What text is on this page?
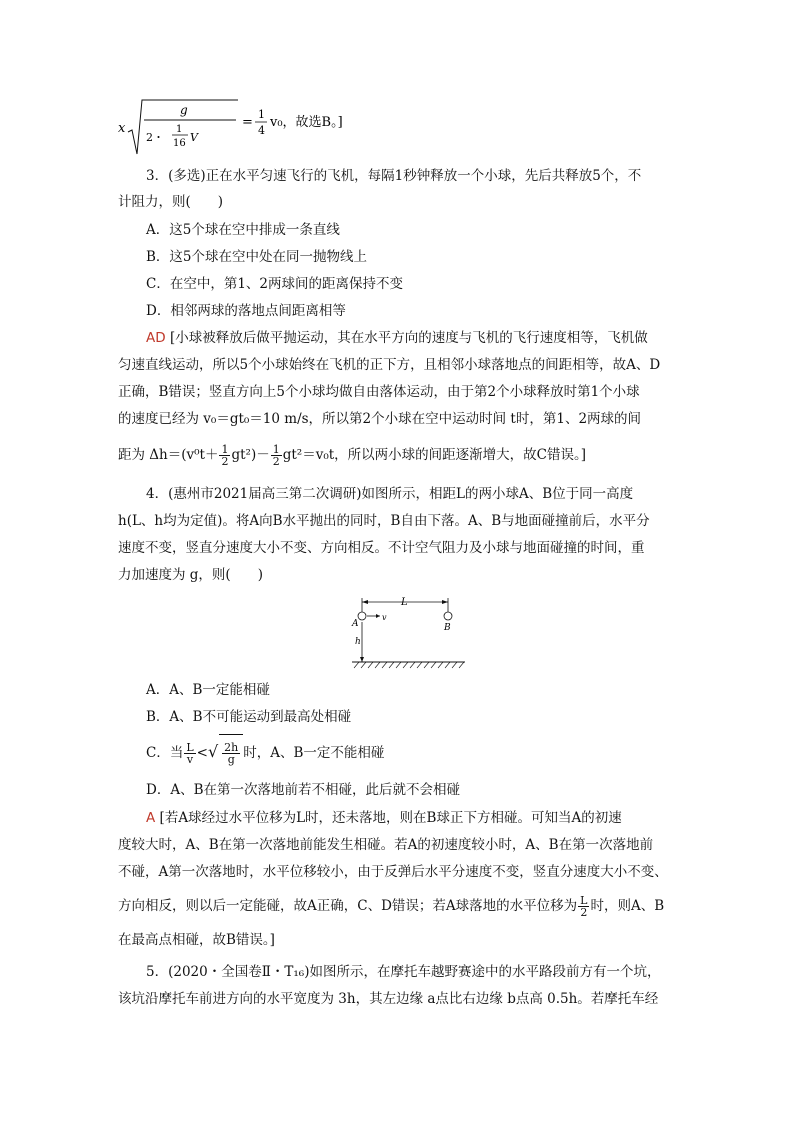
x
g
2・
1
16 V
=
1
4
v₀，故选B。]
3．(多选)正在水平匀速飞行的飞机，每隔1秒钟释放一个小球，先后共释放5个，不
计阻力，则(　　)
A．这5个球在空中排成一条直线
B．这5个球在空中处在同一抛物线上
C．在空中，第1、2两球间的距离保持不变
D．相邻两球的落地点间距离相等
AD [小球被释放后做平抛运动，其在水平方向的速度与飞机的飞行速度相等，飞机做
匀速直线运动，所以5个小球始终在飞机的正下方，且相邻小球落地点的间距相等，故A、D
正确，B错误；竖直方向上5个小球均做自由落体运动，由于第2个小球释放时第1个小球
的速度已经为 v₀＝gt₀＝10 m/s，所以第2个小球在空中运动时间 t时，第1、2两球的间
距为 $\Delta h=(v^0t+ \frac{1}{2} gt^2)- \frac{1}{2} gt^2=v_0t$，所以两小球的间距逐渐增大，故C错误。]
4．(惠州市2021届高三第二次调研)如图所示，相距L的两小球A、B位于同一高度
h(L、h均为定值)。将A向B水平抛出的同时，B自由下落。A、B与地面碰撞前后，水平分
速度不变，竖直分速度大小不变、方向相反。不计空气阻力及小球与地面碰撞的时间，重
力加速度为 g，则(　　)
L
v
A	B
h
A．A、B一定能相碰
B．A、B不可能运动到最高处相碰
C．当 $\frac{L}{v}$ <√ $\frac{2h}{g}$ 时，A、B一定不能相碰
D．A、B在第一次落地前若不相碰，此后就不会相碰
A [若A球经过水平位移为L时，还未落地，则在B球正下方相碰。可知当A的初速
度较大时，A、B在第一次落地前能发生相碰。若A的初速度较小时，A、B在第一次落地前
不碰，A第一次落地时，水平位移较小，由于反弹后水平分速度不变，竖直分速度大小不变、
方向相反，则以后一定能碰，故A正确，C、D错误；若A球落地的水平位移为 $\frac{L}{2}$ 时，则A、B
在最高点相碰，故B错误。]
5．(2020・全国卷Ⅱ・T₁₆)如图所示，在摩托车越野赛途中的水平路段前方有一个坑，
该坑沿摩托车前进方向的水平宽度为 3h，其左边缘 a点比右边缘 b点高 0.5h。若摩托车经
